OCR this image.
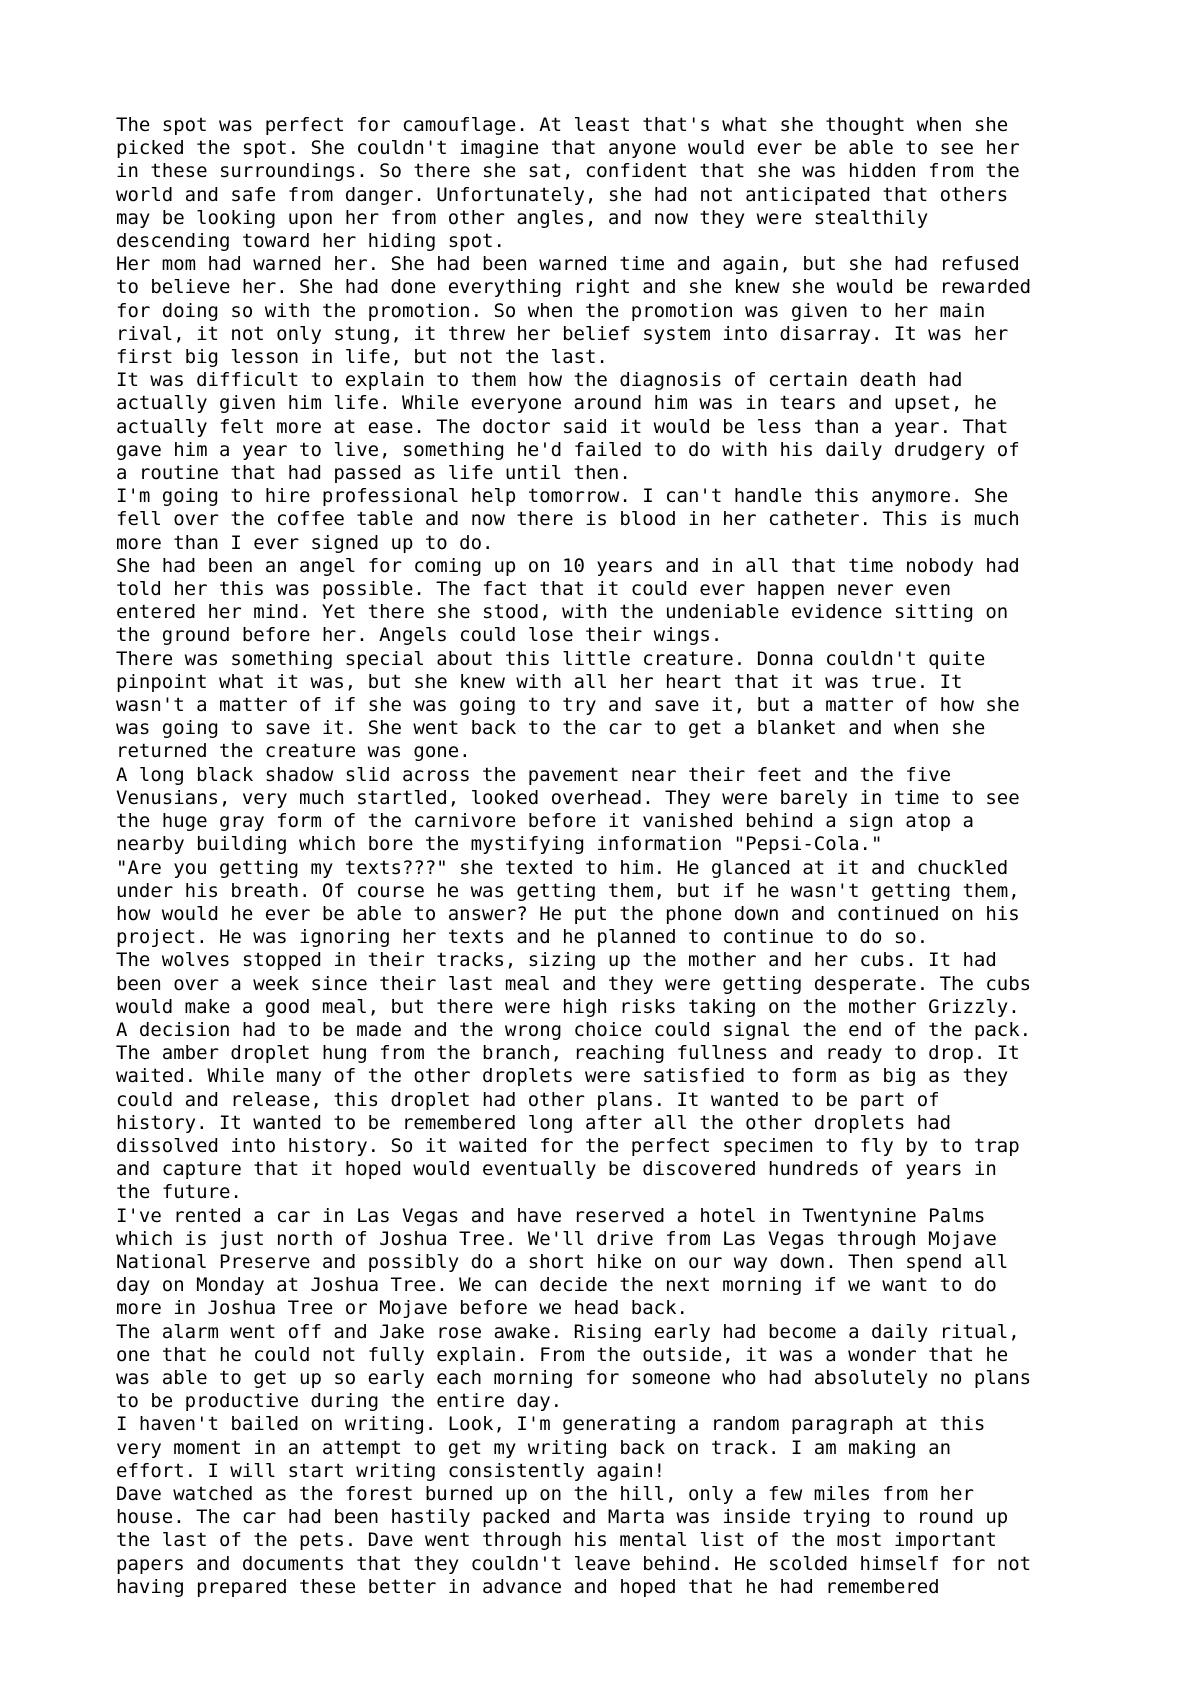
The spot was perfect for camouflage. At least that's what she thought when she

picked the spot. She couldn't imagine that anyone would ever be able to see her

in these surroundings. So there she sat, confident that she was hidden from the

world and safe from danger. Unfortunately, she had not anticipated that others

may be looking upon her from other angles, and now they were stealthily

descending toward her hiding spot.

Her mom had warned her. She had been warned time and again, but she had refused

to believe her. She had done everything right and she knew she would be rewarded

for doing so with the promotion. So when the promotion was given to her main

rival, it not only stung, it threw her belief system into disarray. It was her

first big lesson in life, but not the last.

It was difficult to explain to them how the diagnosis of certain death had

actually given him life. While everyone around him was in tears and upset, he

actually felt more at ease. The doctor said it would be less than a year. That

gave him a year to live, something he'd failed to do with his daily drudgery of

a routine that had passed as life until then.

I'm going to hire professional help tomorrow. I can't handle this anymore. She

fell over the coffee table and now there is blood in her catheter. This is much

more than I ever signed up to do.

She had been an angel for coming up on 10 years and in all that time nobody had

told her this was possible. The fact that it could ever happen never even

entered her mind. Yet there she stood, with the undeniable evidence sitting on

the ground before her. Angels could lose their wings.

There was something special about this little creature. Donna couldn't quite

pinpoint what it was, but she knew with all her heart that it was true. It

wasn't a matter of if she was going to try and save it, but a matter of how she

was going to save it. She went back to the car to get a blanket and when she

returned the creature was gone.

A long black shadow slid across the pavement near their feet and the five

Venusians, very much startled, looked overhead. They were barely in time to see

the huge gray form of the carnivore before it vanished behind a sign atop a

nearby building which bore the mystifying information "Pepsi-Cola."

"Are you getting my texts???" she texted to him. He glanced at it and chuckled

under his breath. Of course he was getting them, but if he wasn't getting them,

how would he ever be able to answer? He put the phone down and continued on his

project. He was ignoring her texts and he planned to continue to do so.

The wolves stopped in their tracks, sizing up the mother and her cubs. It had

been over a week since their last meal and they were getting desperate. The cubs

would make a good meal, but there were high risks taking on the mother Grizzly.

A decision had to be made and the wrong choice could signal the end of the pack.

The amber droplet hung from the branch, reaching fullness and ready to drop. It

waited. While many of the other droplets were satisfied to form as big as they

could and release, this droplet had other plans. It wanted to be part of

history. It wanted to be remembered long after all the other droplets had

dissolved into history. So it waited for the perfect specimen to fly by to trap

and capture that it hoped would eventually be discovered hundreds of years in

the future.

I've rented a car in Las Vegas and have reserved a hotel in Twentynine Palms

which is just north of Joshua Tree. We'll drive from Las Vegas through Mojave

National Preserve and possibly do a short hike on our way down. Then spend all

day on Monday at Joshua Tree. We can decide the next morning if we want to do

more in Joshua Tree or Mojave before we head back.

The alarm went off and Jake rose awake. Rising early had become a daily ritual,

one that he could not fully explain. From the outside, it was a wonder that he

was able to get up so early each morning for someone who had absolutely no plans

to be productive during the entire day.

I haven't bailed on writing. Look, I'm generating a random paragraph at this

very moment in an attempt to get my writing back on track. I am making an

effort. I will start writing consistently again!

Dave watched as the forest burned up on the hill, only a few miles from her

house. The car had been hastily packed and Marta was inside trying to round up

the last of the pets. Dave went through his mental list of the most important

papers and documents that they couldn't leave behind. He scolded himself for not

having prepared these better in advance and hoped that he had remembered
